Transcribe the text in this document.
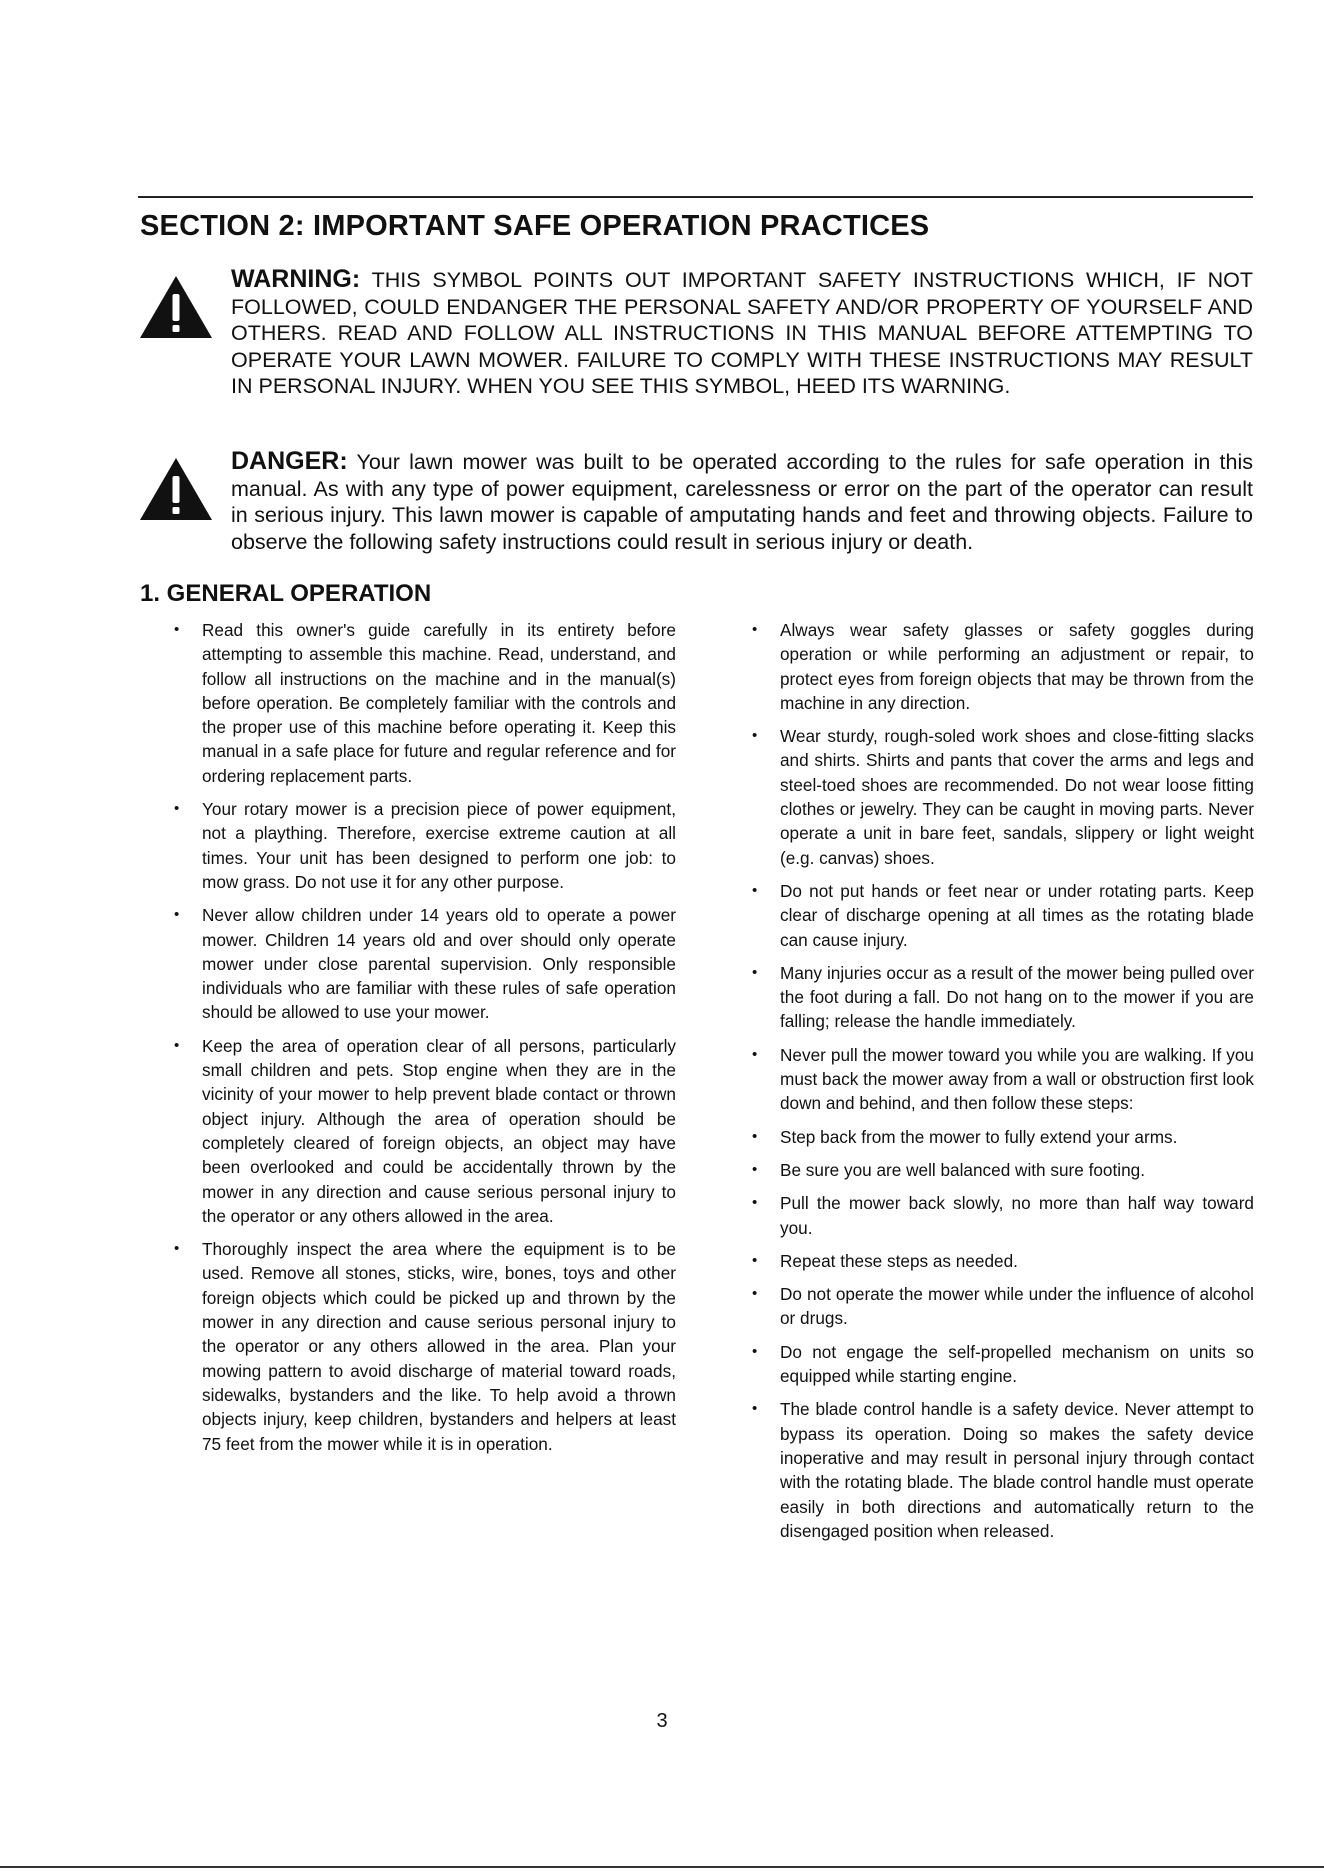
SECTION 2: IMPORTANT SAFE OPERATION PRACTICES
WARNING: THIS SYMBOL POINTS OUT IMPORTANT SAFETY INSTRUCTIONS WHICH, IF NOT FOLLOWED, COULD ENDANGER THE PERSONAL SAFETY AND/OR PROPERTY OF YOURSELF AND OTHERS. READ AND FOLLOW ALL INSTRUCTIONS IN THIS MANUAL BEFORE ATTEMPTING TO OPERATE YOUR LAWN MOWER. FAILURE TO COMPLY WITH THESE INSTRUCTIONS MAY RESULT IN PERSONAL INJURY. WHEN YOU SEE THIS SYMBOL, HEED ITS WARNING.
DANGER: Your lawn mower was built to be operated according to the rules for safe operation in this manual. As with any type of power equipment, carelessness or error on the part of the operator can result in serious injury. This lawn mower is capable of amputating hands and feet and throwing objects. Failure to observe the following safety instructions could result in serious injury or death.
1. GENERAL OPERATION
• Read this owner's guide carefully in its entirety before attempting to assemble this machine. Read, understand, and follow all instructions on the machine and in the manual(s) before operation. Be completely familiar with the controls and the proper use of this machine before operating it. Keep this manual in a safe place for future and regular reference and for ordering replacement parts.
• Your rotary mower is a precision piece of power equipment, not a plaything. Therefore, exercise extreme caution at all times. Your unit has been designed to perform one job: to mow grass. Do not use it for any other purpose.
• Never allow children under 14 years old to operate a power mower. Children 14 years old and over should only operate mower under close parental supervision. Only responsible individuals who are familiar with these rules of safe operation should be allowed to use your mower.
• Keep the area of operation clear of all persons, particularly small children and pets. Stop engine when they are in the vicinity of your mower to help prevent blade contact or thrown object injury. Although the area of operation should be completely cleared of foreign objects, an object may have been overlooked and could be accidentally thrown by the mower in any direction and cause serious personal injury to the operator or any others allowed in the area.
• Thoroughly inspect the area where the equipment is to be used. Remove all stones, sticks, wire, bones, toys and other foreign objects which could be picked up and thrown by the mower in any direction and cause serious personal injury to the operator or any others allowed in the area. Plan your mowing pattern to avoid discharge of material toward roads, sidewalks, bystanders and the like. To help avoid a thrown objects injury, keep children, bystanders and helpers at least 75 feet from the mower while it is in operation.
• Always wear safety glasses or safety goggles during operation or while performing an adjustment or repair, to protect eyes from foreign objects that may be thrown from the machine in any direction.
• Wear sturdy, rough-soled work shoes and close-fitting slacks and shirts. Shirts and pants that cover the arms and legs and steel-toed shoes are recommended. Do not wear loose fitting clothes or jewelry. They can be caught in moving parts. Never operate a unit in bare feet, sandals, slippery or light weight (e.g. canvas) shoes.
• Do not put hands or feet near or under rotating parts. Keep clear of discharge opening at all times as the rotating blade can cause injury.
• Many injuries occur as a result of the mower being pulled over the foot during a fall. Do not hang on to the mower if you are falling; release the handle immediately.
• Never pull the mower toward you while you are walking. If you must back the mower away from a wall or obstruction first look down and behind, and then follow these steps:
• Step back from the mower to fully extend your arms.
• Be sure you are well balanced with sure footing.
• Pull the mower back slowly, no more than half way toward you.
• Repeat these steps as needed.
• Do not operate the mower while under the influence of alcohol or drugs.
• Do not engage the self-propelled mechanism on units so equipped while starting engine.
• The blade control handle is a safety device. Never attempt to bypass its operation. Doing so makes the safety device inoperative and may result in personal injury through contact with the rotating blade. The blade control handle must operate easily in both directions and automatically return to the disengaged position when released.
3
